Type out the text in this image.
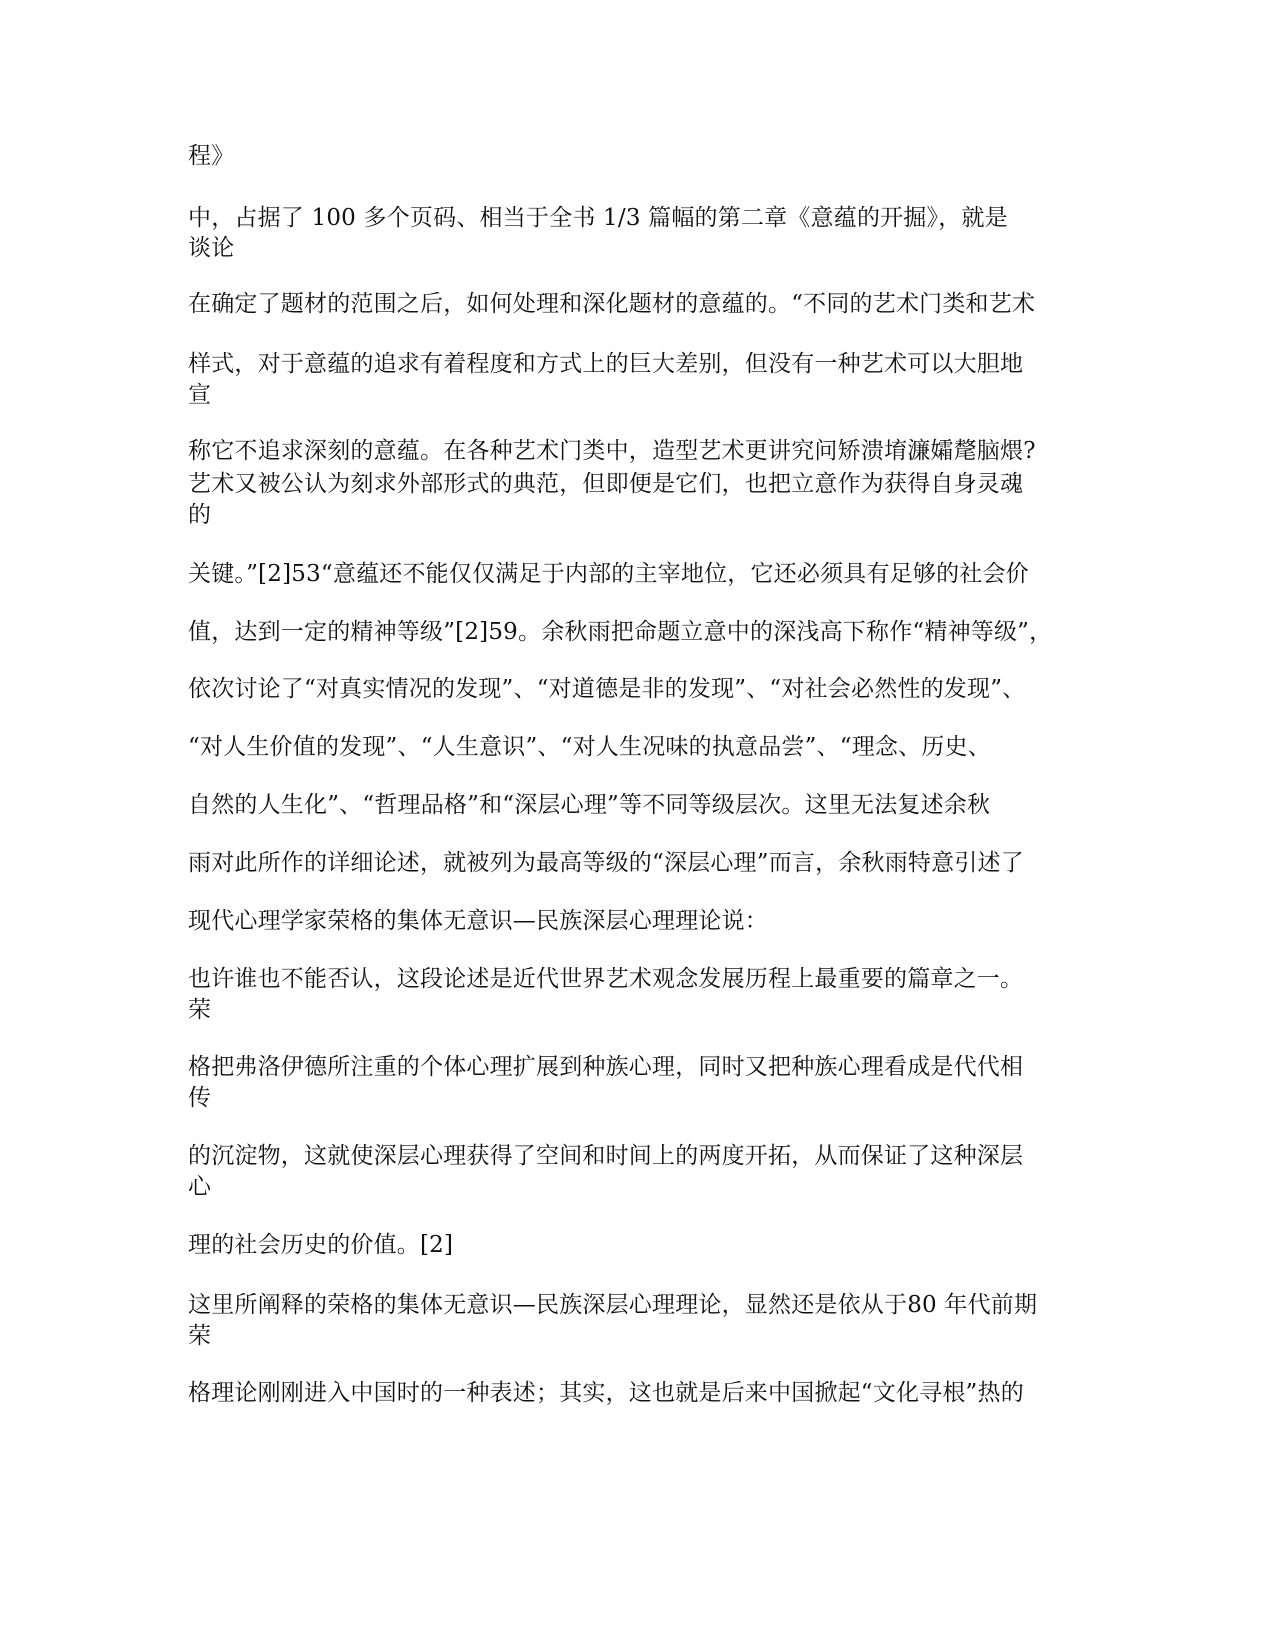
程》
中，占据了 100 多个页码、相当于全书 1/3 篇幅的第二章《意蕴的开掘》，就是
谈论
在确定了题材的范围之后，如何处理和深化题材的意蕴的。“不同的艺术门类和艺术
样式，对于意蕴的追求有着程度和方式上的巨大差别，但没有一种艺术可以大胆地
宣
称它不追求深刻的意蕴。在各种艺术门类中，造型艺术更讲究问矫溃堉濂孀氂脑煨?
艺术又被公认为刻求外部形式的典范，但即便是它们，也把立意作为获得自身灵魂
的
关键。”[2]53“意蕴还不能仅仅满足于内部的主宰地位，它还必须具有足够的社会价
值，达到一定的精神等级”[2]59。余秋雨把命题立意中的深浅高下称作“精神等级”，
依次讨论了“对真实情况的发现”、“对道德是非的发现”、“对社会必然性的发现”、
“对人生价值的发现”、“人生意识”、“对人生况味的执意品尝”、“理念、历史、
自然的人生化”、“哲理品格”和“深层心理”等不同等级层次。这里无法复述余秋
雨对此所作的详细论述，就被列为最高等级的“深层心理”而言，余秋雨特意引述了
现代心理学家荣格的集体无意识—民族深层心理理论说：
也许谁也不能否认，这段论述是近代世界艺术观念发展历程上最重要的篇章之一。
荣
格把弗洛伊德所注重的个体心理扩展到种族心理，同时又把种族心理看成是代代相
传
的沉淀物，这就使深层心理获得了空间和时间上的两度开拓，从而保证了这种深层
心
理的社会历史的价值。[2]
这里所阐释的荣格的集体无意识—民族深层心理理论，显然还是依从于80 年代前期
荣
格理论刚刚进入中国时的一种表述；其实，这也就是后来中国掀起“文化寻根”热的
